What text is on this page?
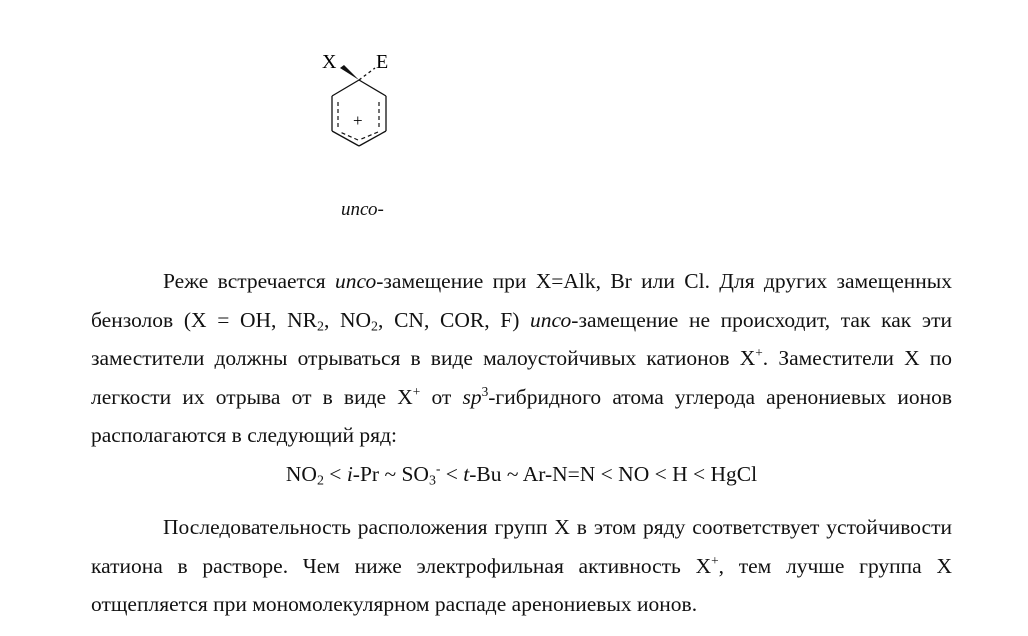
X E
+
ипсо-
Реже встречается ипсо-замещение при X=Alk, Br или Cl. Для других замещенных бензолов (X = OH, $NR_2$, $NO_2$, CN, COR, F) ипсо-замещение не происходит, так как эти заместители должны отрываться в виде малоустойчивых катионов X+. Заместители X по легкости их отрыва от в виде X+ от $sp^3$-гибридного атома углерода аренониевых ионов располагаются в следующий ряд:
$NO_2 < i-Pr$ ~ $SO_3^- < t-Bu$ ~ Ar-N=N < NO < H < HgCl
Последовательность расположения групп X в этом ряду соответствует устойчивости катиона в растворе. Чем ниже электрофильная активность X+, тем лучше группа X отщепляется при мономолекулярном распаде аренониевых ионов.
